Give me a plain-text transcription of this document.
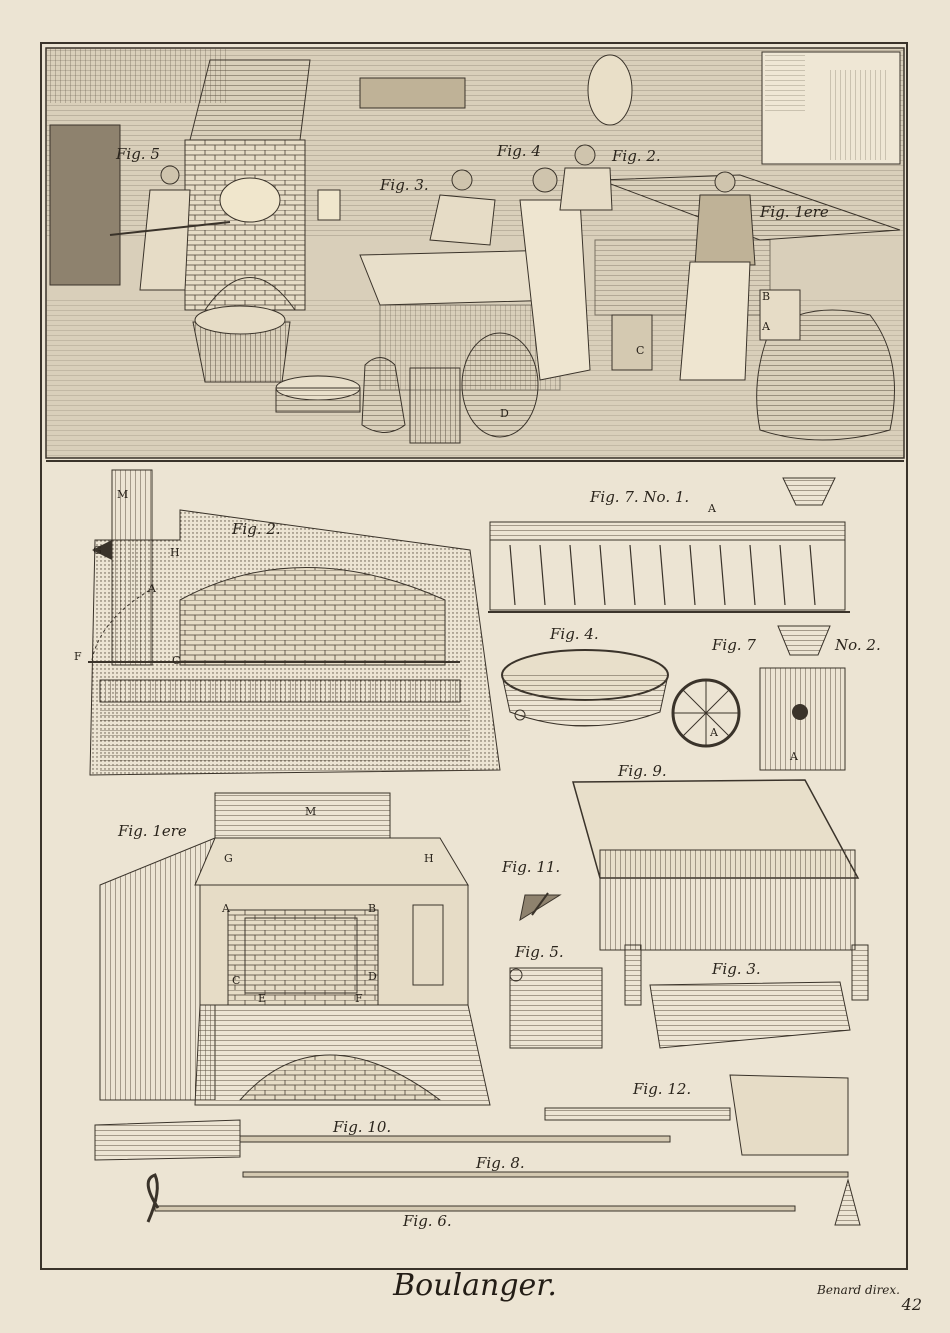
Fig. 5	Fig. 4
Fig. 3.
Fig. 2.
Fig. 1ere
B
A
C
D
Fig. 2.
Fig. 7. No. 1.
Fig. 4.
Fig. 7	No. 2.
Fig. 9.
Fig. 1ere
Fig. 11.
Fig. 5.
Fig. 3.
Fig. 12.
Fig. 10.
Fig. 8.
Fig. 6.
M
G	H
A
F	C
M
G	H
A	B
C	D
E	F
A
A
A
Boulanger.	Benard direx.
42
